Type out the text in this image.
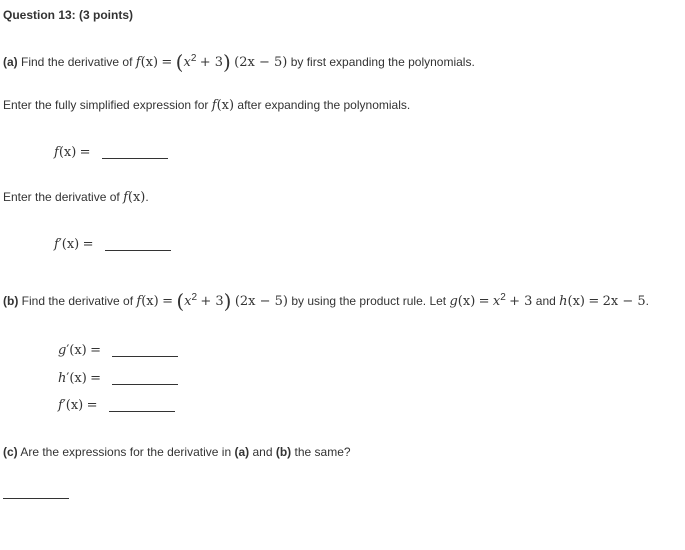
Question 13: (3 points)
(a) Find the derivative of $f(x) = (x^2 + 3) (2x - 5)$ by first expanding the polynomials.
Enter the fully simplified expression for f(x) after expanding the polynomials.
f(x) =
Enter the derivative of f(x).
f′(x) =
(b) Find the derivative of $f(x) = (x^2 + 3) (2x - 5)$ by using the product rule. Let $g(x) = x^2 + 3$ and h(x) = 2x − 5.
g′(x) =
h′(x) =
f′(x) =
(c) Are the expressions for the derivative in (a) and (b) the same?
